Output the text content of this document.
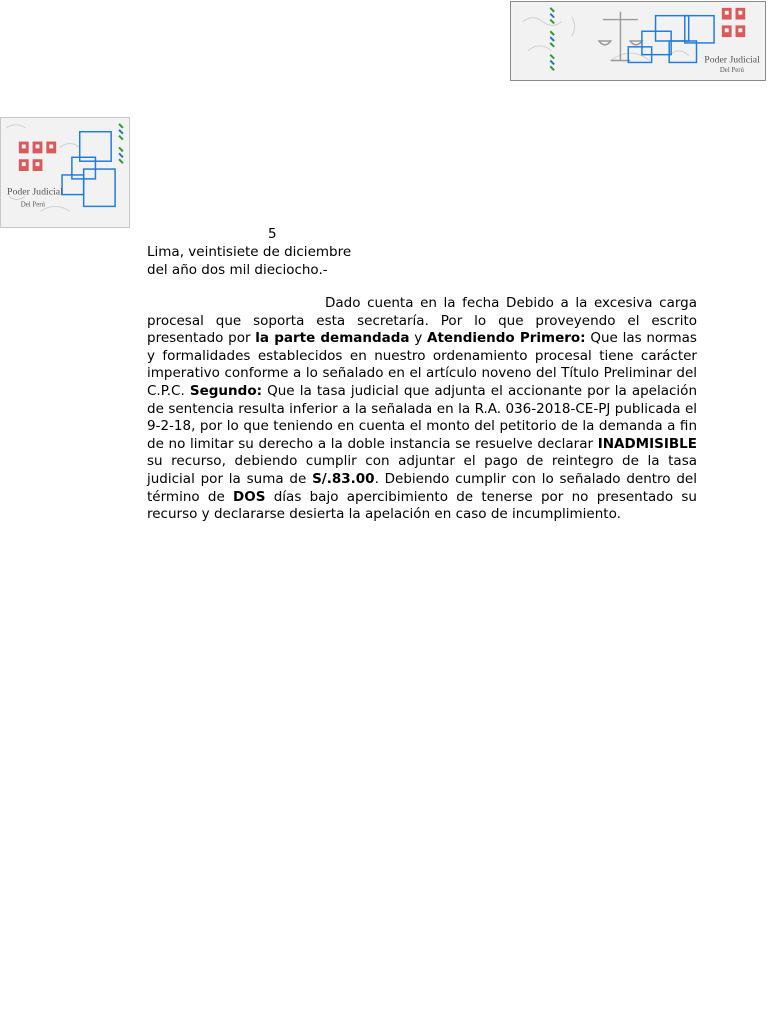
Poder Judicial
Del Perú
Poder Judicial
Del Perú
5
Lima, veintisiete de diciembre
del año dos mil dieciocho.-
Dado cuenta en la fecha Debido a la excesiva carga procesal que soporta esta secretaría. Por lo que proveyendo el escrito presentado por la parte demandada y Atendiendo Primero: Que las normas y formalidades establecidos en nuestro ordenamiento procesal tiene carácter imperativo conforme a lo señalado en el artículo noveno del Título Preliminar del C.P.C. Segundo: Que la tasa judicial que adjunta el accionante por la apelación de sentencia resulta inferior a la señalada en la R.A. 036-2018-CE-PJ publicada el 9-2-18, por lo que teniendo en cuenta el monto del petitorio de la demanda a fin de no limitar su derecho a la doble instancia se resuelve declarar INADMISIBLE su recurso, debiendo cumplir con adjuntar el pago de reintegro de la tasa judicial por la suma de S/.83.00. Debiendo cumplir con lo señalado dentro del término de DOS días bajo apercibimiento de tenerse por no presentado su recurso y declararse desierta la apelación en caso de incumplimiento.
